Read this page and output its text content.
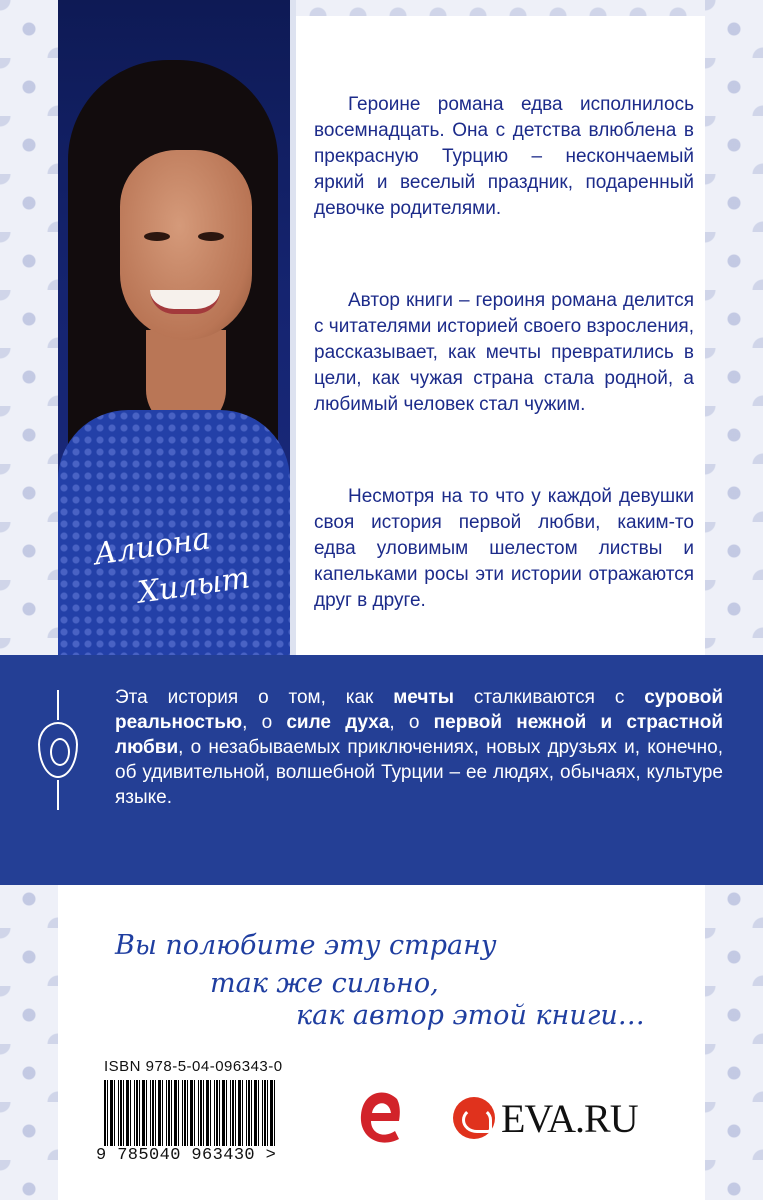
Алиона
Хилыт

Героине романа едва исполнилось восемнадцать. Она с детства влюблена в прекрасную Турцию – нескончаемый яркий и веселый праздник, подаренный девочке родителями.

Автор книги – героиня романа делится с читателями историей своего взросления, рассказывает, как мечты превратились в цели, как чужая страна стала родной, а любимый человек стал чужим.

Несмотря на то что у каждой девушки своя история первой любви, каким-то едва уловимым шелестом листвы и капельками росы эти истории отражаются друг в друге.

Эта история о том, как мечты сталкиваются с суровой реальностью, о силе духа, о первой нежной и страстной любви, о незабываемых приключениях, новых друзьях и, конечно, об удивительной, волшебной Турции – ее людях, обычаях, культуре языке.
Вы полюбите эту страну
так же сильно,
как автор этой книги…
ISBN 978-5-04-096343-0
9 785040 963430 >
EVA.RU
